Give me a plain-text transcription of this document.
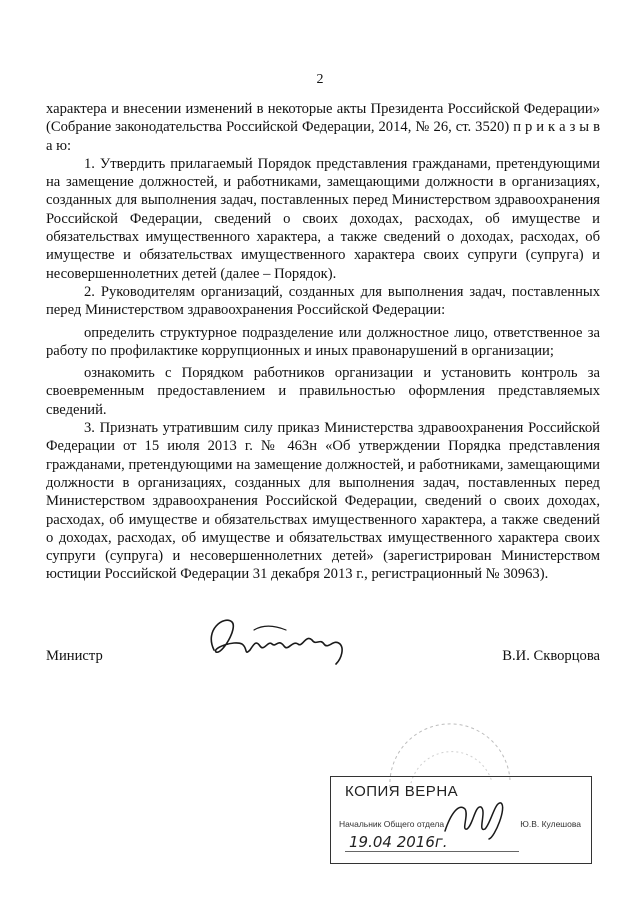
2

характера и внесении изменений в некоторые акты Президента Российской Федерации» (Собрание законодательства Российской Федерации, 2014, № 26, ст. 3520) п р и к а з ы в а ю:

1. Утвердить прилагаемый Порядок представления гражданами, претендующими на замещение должностей, и работниками, замещающими должности в организациях, созданных для выполнения задач, поставленных перед Министерством здравоохранения Российской Федерации, сведений о своих доходах, расходах, об имуществе и обязательствах имущественного характера, а также сведений о доходах, расходах, об имуществе и обязательствах имущественного характера своих супруги (супруга) и несовершеннолетних детей (далее – Порядок).

2. Руководителям организаций, созданных для выполнения задач, поставленных перед Министерством здравоохранения Российской Федерации:

определить структурное подразделение или должностное лицо, ответственное за работу по профилактике коррупционных и иных правонарушений в организации;

ознакомить с Порядком работников организации и установить контроль за своевременным предоставлением и правильностью оформления представляемых сведений.

3. Признать утратившим силу приказ Министерства здравоохранения Российской Федерации от 15 июля 2013 г. № 463н «Об утверждении Порядка представления гражданами, претендующими на замещение должностей, и работниками, замещающими должности в организациях, созданных для выполнения задач, поставленных перед Министерством здравоохранения Российской Федерации, сведений о своих доходах, расходах, об имуществе и обязательствах имущественного характера, а также сведений о доходах, расходах, об имуществе и обязательствах имущественного характера своих супруги (супруга) и несовершеннолетних детей» (зарегистрирован Министерством юстиции Российской Федерации 31 декабря 2013 г., регистрационный № 30963).

Министр	В.И. Скворцова
КОПИЯ ВЕРНА
Начальник Общего отдела	Ю.В. Кулешова
19.04 2016г.
